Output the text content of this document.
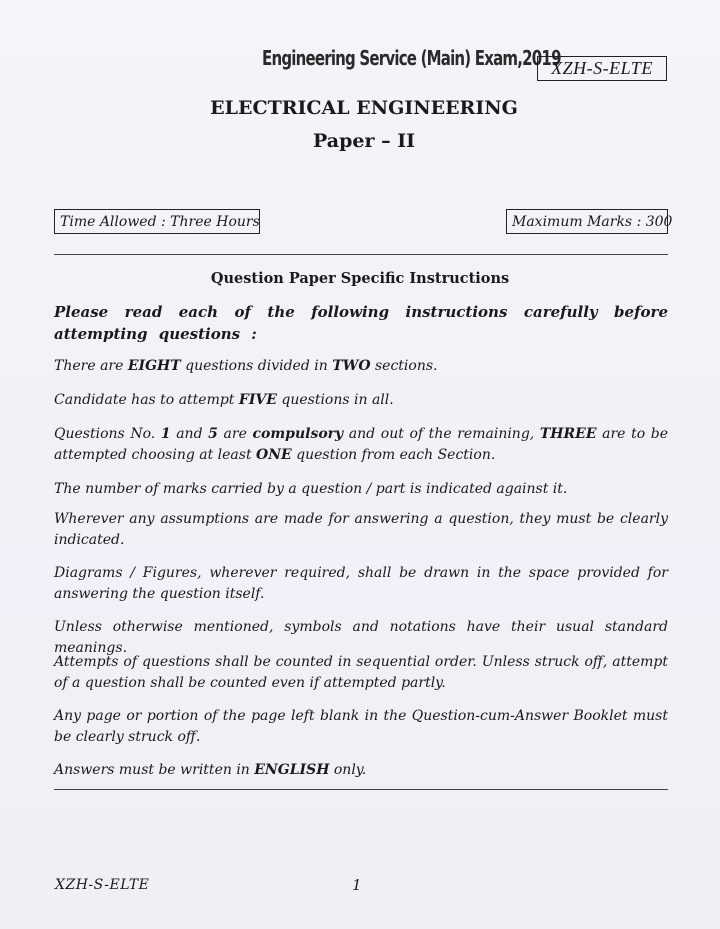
Engineering Service (Main) Exam,2019
XZH-S-ELTE
ELECTRICAL ENGINEERING
Paper – II
Time Allowed : Three Hours	Maximum Marks : 300
Question Paper Specific Instructions
Please read each of the following instructions carefully before attempting questions :
There are EIGHT questions divided in TWO sections.
Candidate has to attempt FIVE questions in all.
Questions No. 1 and 5 are compulsory and out of the remaining, THREE are to be attempted choosing at least ONE question from each Section.
The number of marks carried by a question / part is indicated against it.
Wherever any assumptions are made for answering a question, they must be clearly indicated.
Diagrams / Figures, wherever required, shall be drawn in the space provided for answering the question itself.
Unless otherwise mentioned, symbols and notations have their usual standard meanings.
Attempts of questions shall be counted in sequential order. Unless struck off, attempt of a question shall be counted even if attempted partly.
Any page or portion of the page left blank in the Question-cum-Answer Booklet must be clearly struck off.
Answers must be written in ENGLISH only.
XZH-S-ELTE	1
